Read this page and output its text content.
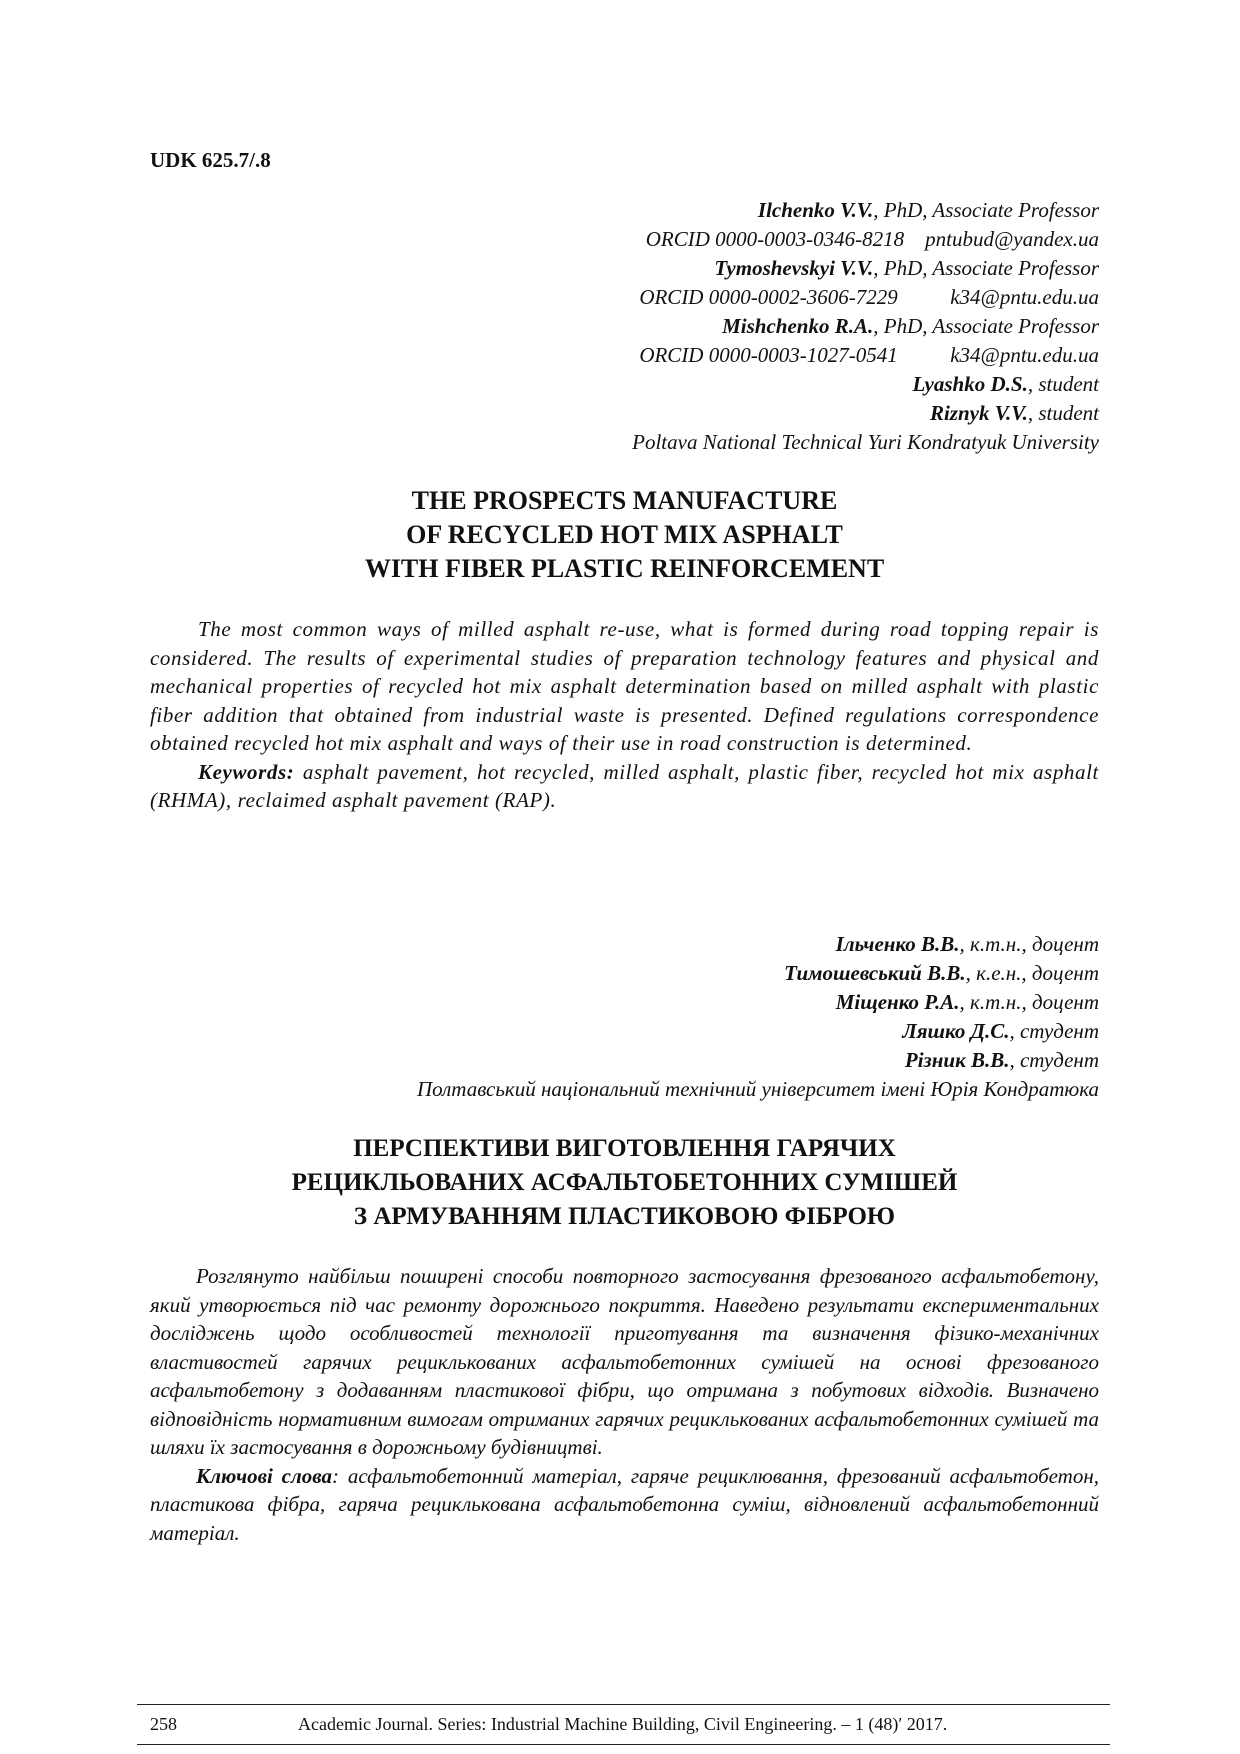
UDK 625.7/.8
Ilchenko V.V., PhD, Associate Professor
ORCID 0000-0003-0346-8218 pntubud@yandex.ua
Tymoshevskyi V.V., PhD, Associate Professor
ORCID 0000-0002-3606-7229	k34@pntu.edu.ua
Mishchenko R.A., PhD, Associate Professor
ORCID 0000-0003-1027-0541	k34@pntu.edu.ua
Lyashko D.S., student
Riznyk V.V., student
Poltava National Technical Yuri Kondratyuk University
THE PROSPECTS MANUFACTURE
OF RECYCLED HOT MIX ASPHALT
WITH FIBER PLASTIC REINFORCEMENT

The most common ways of milled asphalt re-use, what is formed during road topping repair is considered. The results of experimental studies of preparation technology features and physical and mechanical properties of recycled hot mix asphalt determination based on milled asphalt with plastic fiber addition that obtained from industrial waste is presented. Defined regulations correspondence obtained recycled hot mix asphalt and ways of their use in road construction is determined.

Keywords: asphalt pavement, hot recycled, milled asphalt, plastic fiber, recycled hot mix asphalt (RHMA), reclaimed asphalt pavement (RAP).

Ільченко В.В., к.т.н., доцент
Тимошевський В.В., к.е.н., доцент
Міщенко Р.А., к.т.н., доцент
Ляшко Д.С., студент
Різник В.В., студент
Полтавський національний технічний університет імені Юрія Кондратюка
ПЕРСПЕКТИВИ ВИГОТОВЛЕННЯ ГАРЯЧИХ
РЕЦИКЛЬОВАНИХ АСФАЛЬТОБЕТОННИХ СУМІШЕЙ
З АРМУВАННЯМ ПЛАСТИКОВОЮ ФІБРОЮ

Розглянуто найбільш поширені способи повторного застосування фрезованого асфальтобетону, який утворюється під час ремонту дорожнього покриття. Наведено результати експериментальних досліджень щодо особливостей технології приготування та визначення фізико-механічних властивостей гарячих рециклькованих асфальтобетонних сумішей на основі фрезованого асфальтобетону з додаванням пластикової фібри, що отримана з побутових відходів. Визначено відповідність нормативним вимогам отриманих гарячих рециклькованих асфальтобетонних сумішей та шляхи їх застосування в дорожньому будівництві.

Ключові слова: асфальтобетонний матеріал, гаряче рециклювання, фрезований асфальтобетон, пластикова фібра, гаряча рециклькована асфальтобетонна суміш, відновлений асфальтобетонний матеріал.

258	Academic Journal. Series: Industrial Machine Building, Civil Engineering. – 1 (48)′ 2017.
